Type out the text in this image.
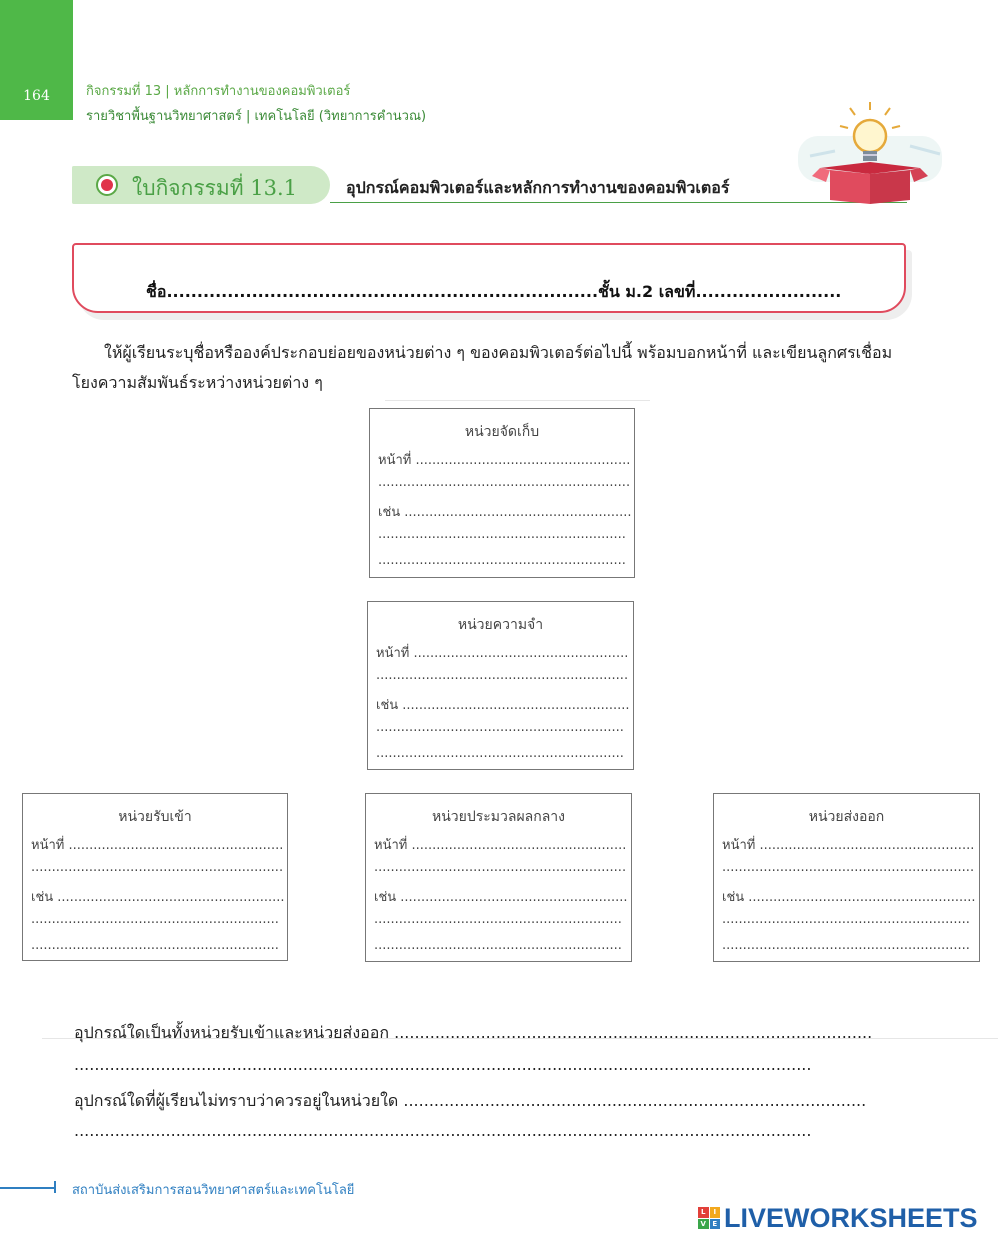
164	กิจกรรมที่ 13 | หลักการทำงานของคอมพิวเตอร์
รายวิชาพื้นฐานวิทยาศาสตร์ | เทคโนโลยี (วิทยาการคำนวณ)
ใบกิจกรรมที่ 13.1	อุปกรณ์คอมพิวเตอร์และหลักการทำงานของคอมพิวเตอร์
ชื่อ.......................................................................ชั้น ม.2 เลขที่........................
ให้ผู้เรียนระบุชื่อหรือองค์ประกอบย่อยของหน่วยต่าง ๆ ของคอมพิวเตอร์ต่อไปนี้ พร้อมบอกหน้าที่ และเขียนลูกศรเชื่อมโยงความสัมพันธ์ระหว่างหน่วยต่าง ๆ
หน่วยจัดเก็บ
หน้าที่ ....................................................
.............................................................
เช่น .......................................................
............................................................
............................................................
หน่วยความจำ
หน้าที่ ....................................................
.............................................................
เช่น .......................................................
............................................................
............................................................
หน่วยรับเข้า
หน้าที่ ....................................................
.............................................................
เช่น .......................................................
............................................................
............................................................
หน่วยประมวลผลกลาง
หน้าที่ ....................................................
.............................................................
เช่น .......................................................
............................................................
............................................................
หน่วยส่งออก
หน้าที่ ....................................................
.............................................................
เช่น .......................................................
............................................................
............................................................
อุปกรณ์ใดเป็นทั้งหน่วยรับเข้าและหน่วยส่งออก ..............................................................................................
.................................................................................................................................................
อุปกรณ์ใดที่ผู้เรียนไม่ทราบว่าควรอยู่ในหน่วยใด ...........................................................................................
.................................................................................................................................................
สถาบันส่งเสริมการสอนวิทยาศาสตร์และเทคโนโลยี
L	I
V E LIVEWORKSHEETS
